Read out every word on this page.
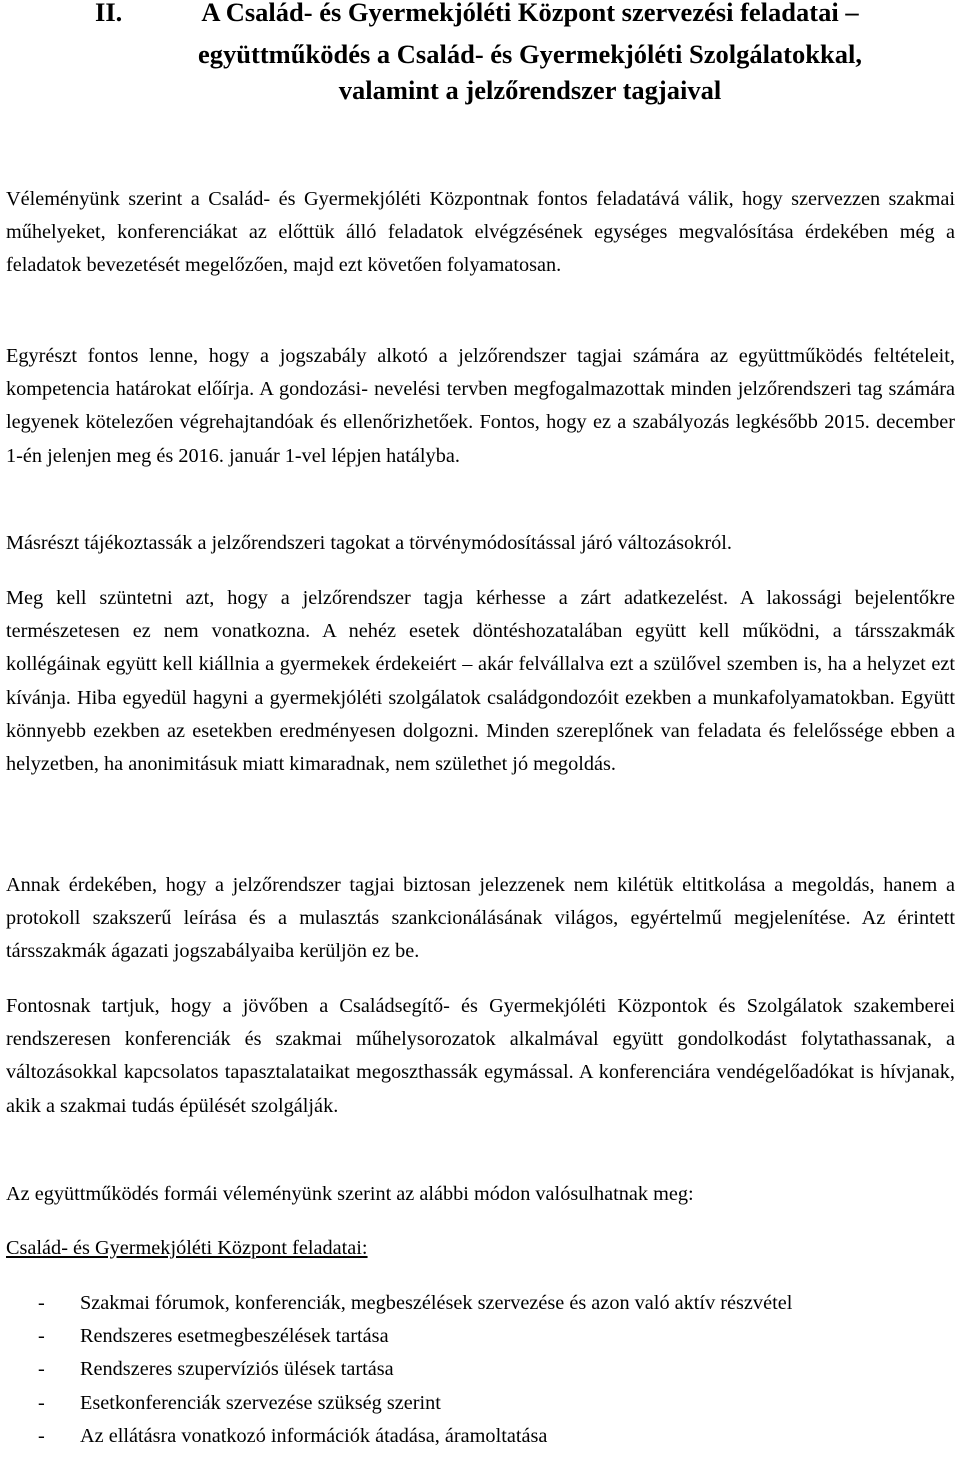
II.	A Család- és Gyermekjóléti Központ szervezési feladatai –
együttműködés a Család- és Gyermekjóléti Szolgálatokkal,
valamint a jelzőrendszer tagjaival

Véleményünk szerint a Család- és Gyermekjóléti Központnak fontos feladatává válik, hogy szervezzen szakmai műhelyeket, konferenciákat az előttük álló feladatok elvégzésének egységes megvalósítása érdekében még a feladatok bevezetését megelőzően, majd ezt követően folyamatosan.

Egyrészt fontos lenne, hogy a jogszabály alkotó a jelzőrendszer tagjai számára az együttműködés feltételeit, kompetencia határokat előírja. A gondozási- nevelési tervben megfogalmazottak minden jelzőrendszeri tag számára legyenek kötelezően végrehajtandóak és ellenőrizhetőek. Fontos, hogy ez a szabályozás legkésőbb 2015. december 1-én jelenjen meg és 2016. január 1-vel lépjen hatályba.

Másrészt tájékoztassák a jelzőrendszeri tagokat a törvénymódosítással járó változásokról.

Meg kell szüntetni azt, hogy a jelzőrendszer tagja kérhesse a zárt adatkezelést. A lakossági bejelentőkre természetesen ez nem vonatkozna. A nehéz esetek döntéshozatalában együtt kell működni, a társszakmák kollégáinak együtt kell kiállnia a gyermekek érdekeiért – akár felvállalva ezt a szülővel szemben is, ha a helyzet ezt kívánja. Hiba egyedül hagyni a gyermekjóléti szolgálatok családgondozóit ezekben a munkafolyamatokban. Együtt könnyebb ezekben az esetekben eredményesen dolgozni. Minden szereplőnek van feladata és felelőssége ebben a helyzetben, ha anonimitásuk miatt kimaradnak, nem születhet jó megoldás.

Annak érdekében, hogy a jelzőrendszer tagjai biztosan jelezzenek nem kilétük eltitkolása a megoldás, hanem a protokoll szakszerű leírása és a mulasztás szankcionálásának világos, egyértelmű megjelenítése. Az érintett társszakmák ágazati jogszabályaiba kerüljön ez be.

Fontosnak tartjuk, hogy a jövőben a Családsegítő- és Gyermekjóléti Központok és Szolgálatok szakemberei rendszeresen konferenciák és szakmai műhelysorozatok alkalmával együtt gondolkodást folytathassanak, a változásokkal kapcsolatos tapasztalataikat megoszthassák egymással. A konferenciára vendégelőadókat is hívjanak, akik a szakmai tudás épülését szolgálják.

Az együttműködés formái véleményünk szerint az alábbi módon valósulhatnak meg:

Család- és Gyermekjóléti Központ feladatai:

- Szakmai fórumok, konferenciák, megbeszélések szervezése és azon való aktív részvétel
- Rendszeres esetmegbeszélések tartása
- Rendszeres szupervíziós ülések tartása
- Esetkonferenciák szervezése szükség szerint
- Az ellátásra vonatkozó információk átadása, áramoltatása
